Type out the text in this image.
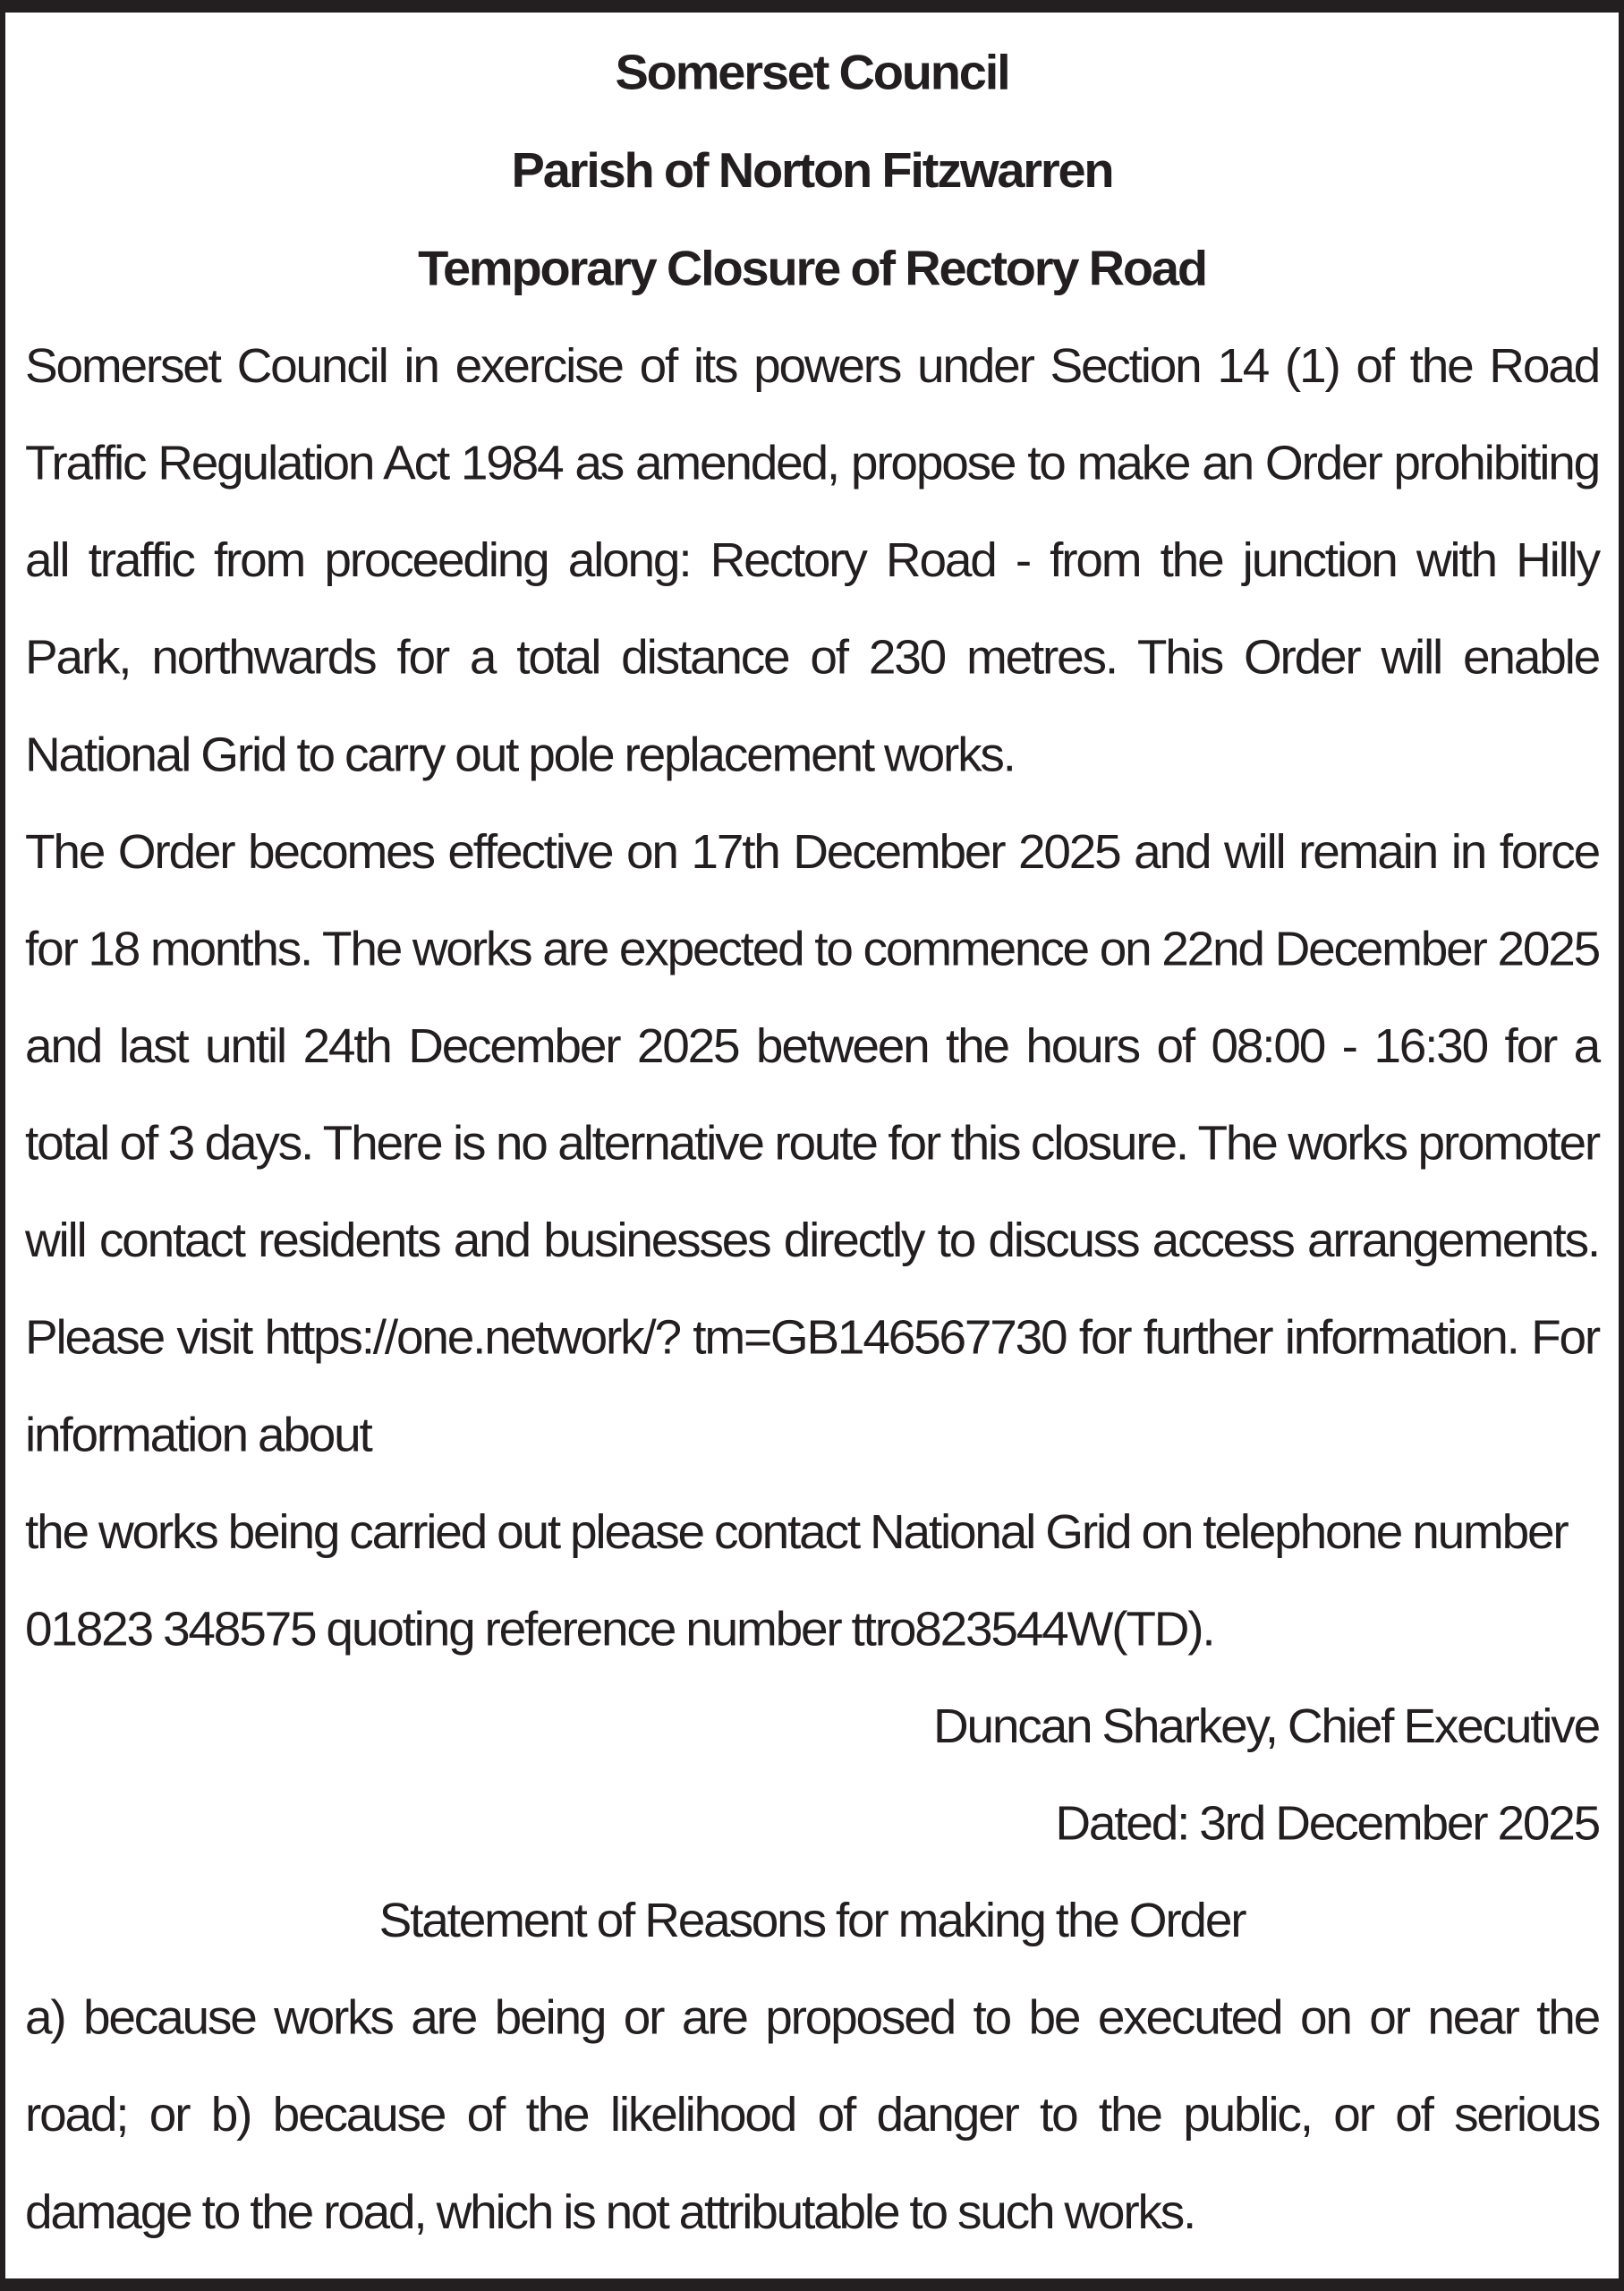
Somerset Council
Parish of Norton Fitzwarren
Temporary Closure of Rectory Road

Somerset Council in exercise of its powers under Section 14 (1) of the Road Traffic Regulation Act 1984 as amended, propose to make an Order prohibiting all traffic from proceeding along: Rectory Road - from the junction with Hilly Park, northwards for a total distance of 230 metres. This Order will enable National Grid to carry out pole replacement works.

The Order becomes effective on 17th December 2025 and will remain in force for 18 months. The works are expected to commence on 22nd December 2025 and last until 24th December 2025 between the hours of 08:00 - 16:30 for a total of 3 days. There is no alternative route for this closure. The works promoter will contact residents and businesses directly to discuss access arrangements. Please visit https://one.network/? tm=GB146567730 for further information. For information about

the works being carried out please contact National Grid on telephone number

01823 348575 quoting reference number ttro823544W(TD).

Duncan Sharkey, Chief Executive

Dated: 3rd December 2025

Statement of Reasons for making the Order

a) because works are being or are proposed to be executed on or near the road; or b) because of the likelihood of danger to the public, or of serious damage to the road, which is not attributable to such works.
